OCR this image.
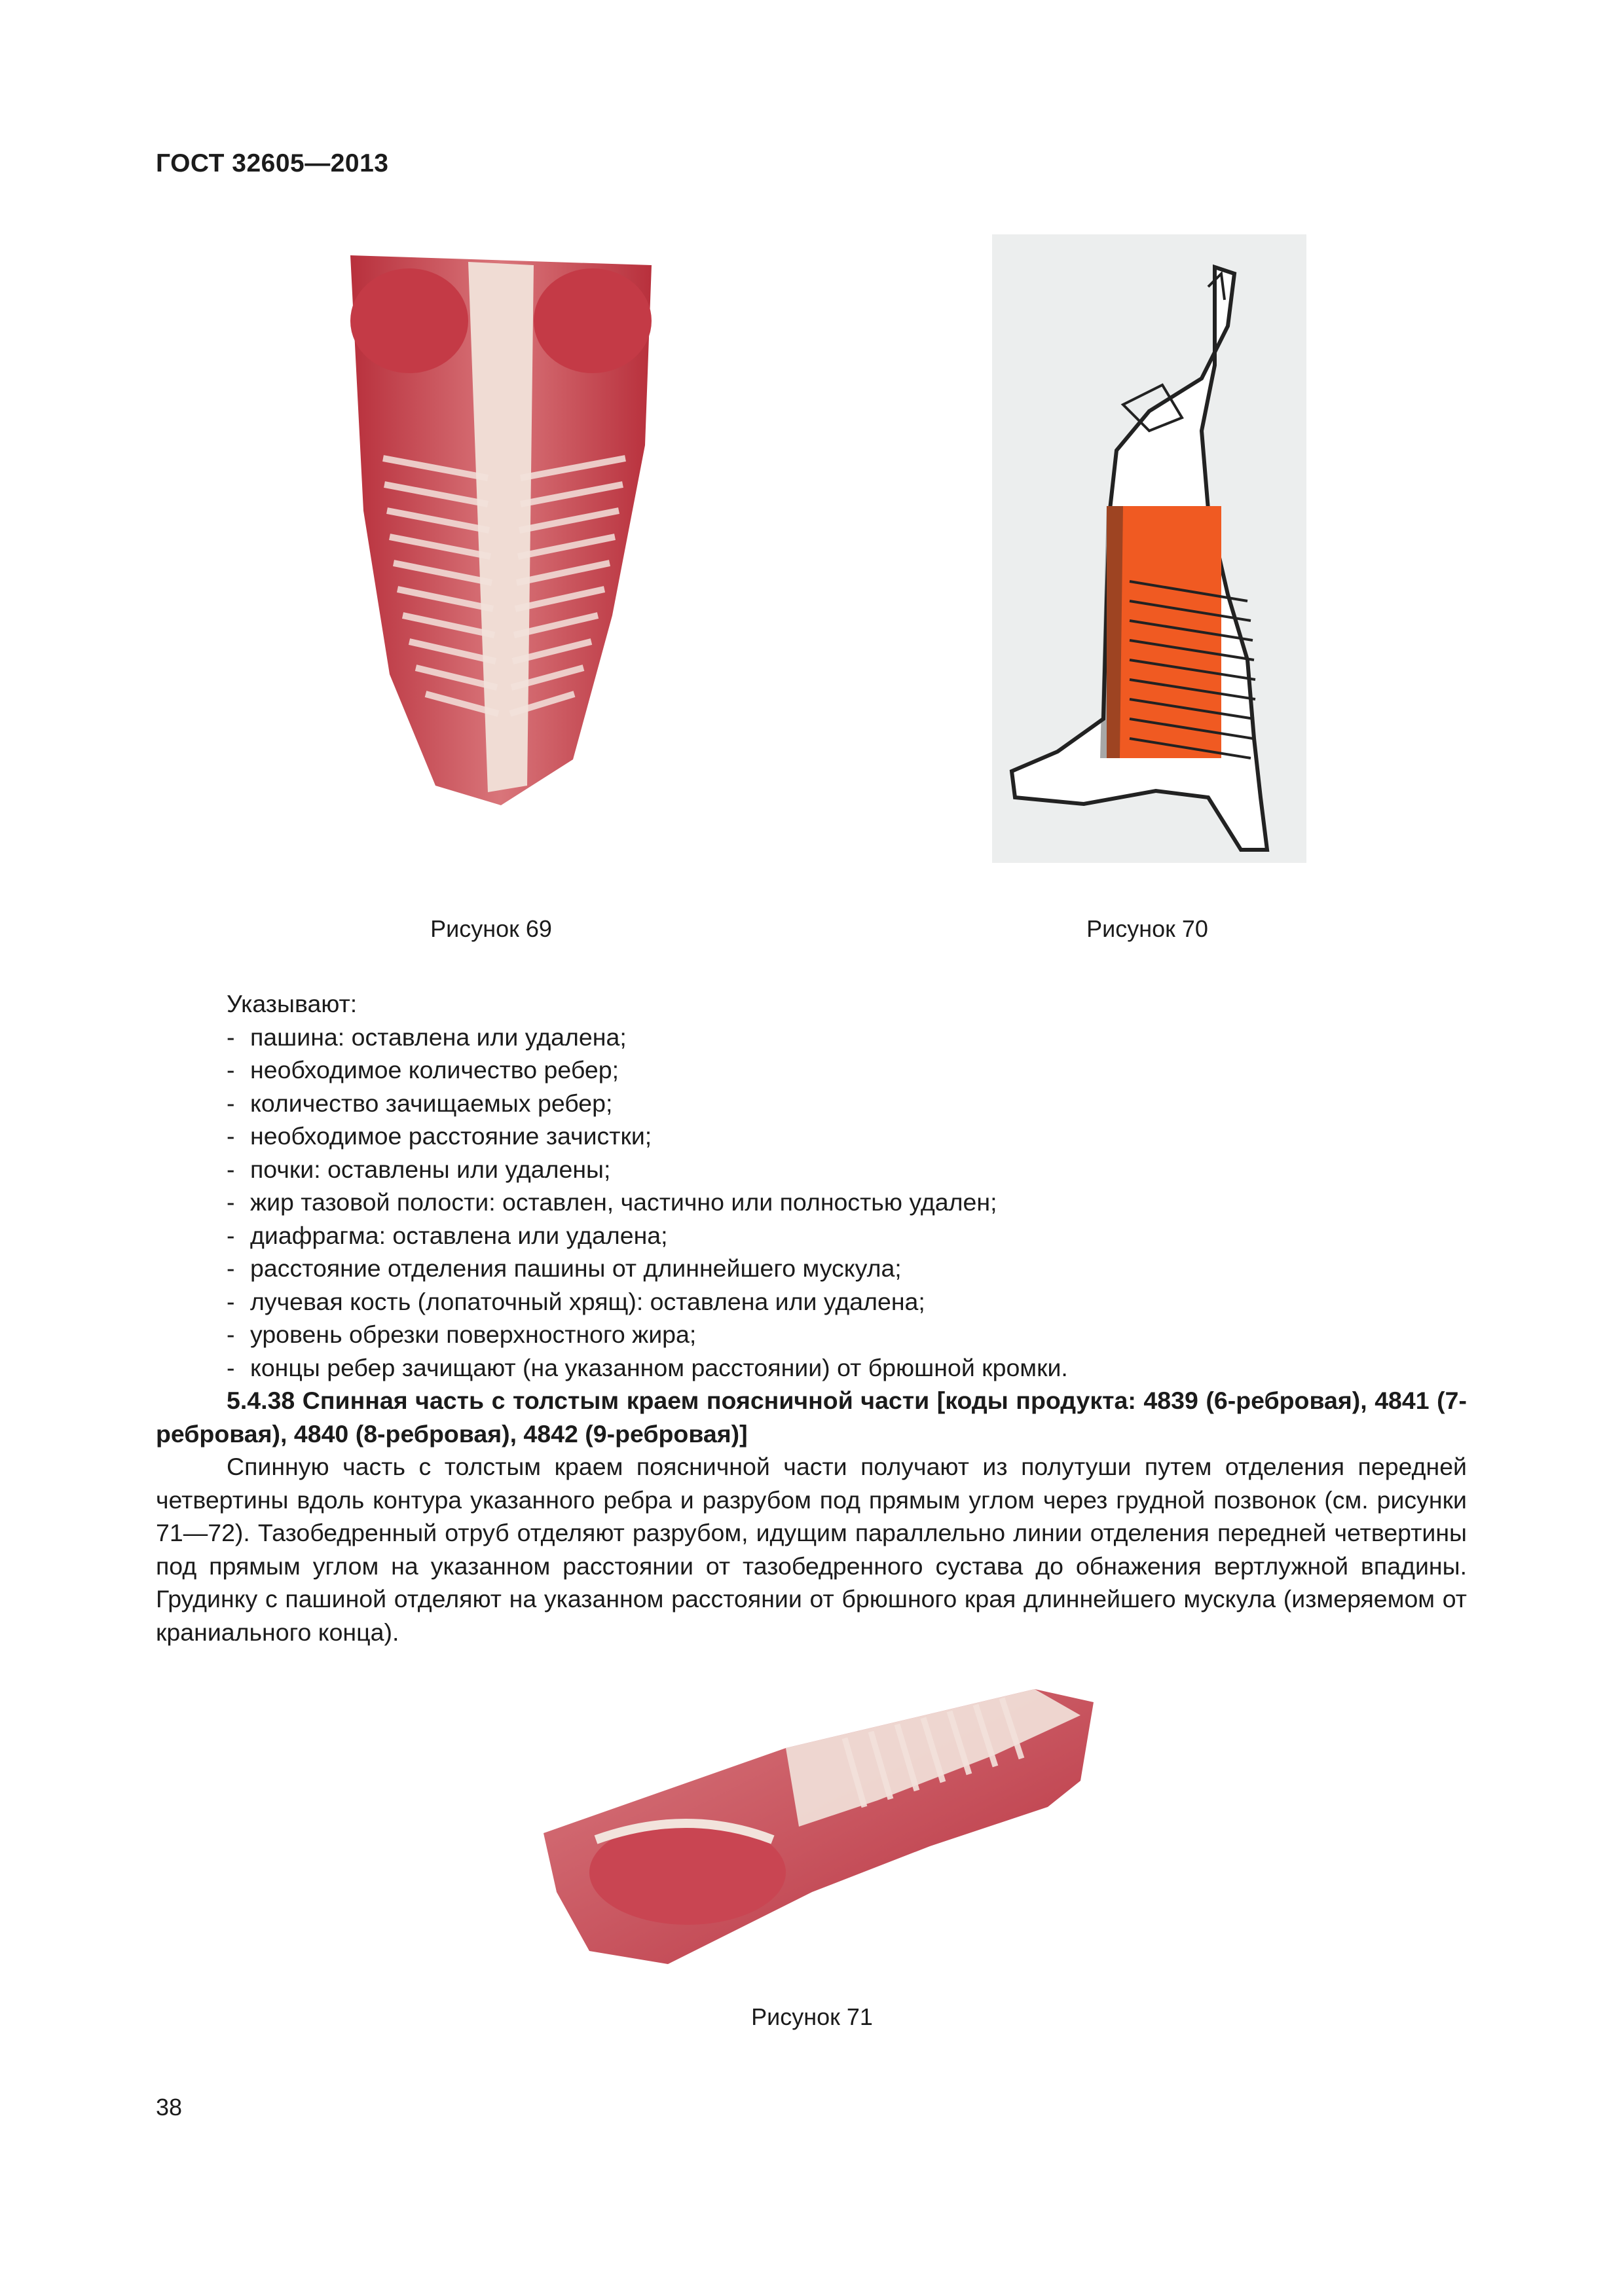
ГОСТ 32605—2013
Рисунок 69	Рисунок 70
Указывают:
- пашина: оставлена или удалена;
- необходимое количество ребер;
- количество зачищаемых ребер;
- необходимое расстояние зачистки;
- почки: оставлены или удалены;
- жир тазовой полости: оставлен, частично или полностью удален;
- диафрагма: оставлена или удалена;
- расстояние отделения пашины от длиннейшего мускула;
- лучевая кость (лопаточный хрящ): оставлена или удалена;
- уровень обрезки поверхностного жира;
- концы ребер зачищают (на указанном расстоянии) от брюшной кромки.
5.4.38 Спинная часть с толстым краем поясничной части [коды продукта: 4839 (6-ребровая), 4841 (7-ребровая), 4840 (8-ребровая), 4842 (9-ребровая)]
Спинную часть с толстым краем поясничной части получают из полутуши путем отделения передней четвертины вдоль контура указанного ребра и разрубом под прямым углом через грудной позвонок (см. рисунки 71—72). Тазобедренный отруб отделяют разрубом, идущим параллельно линии отделения передней четвертины под прямым углом на указанном расстоянии от тазобедренного сустава до обнажения вертлужной впадины. Грудинку с пашиной отделяют на указанном расстоянии от брюшного края длиннейшего мускула (измеряемом от краниального конца).
Рисунок 71
38
